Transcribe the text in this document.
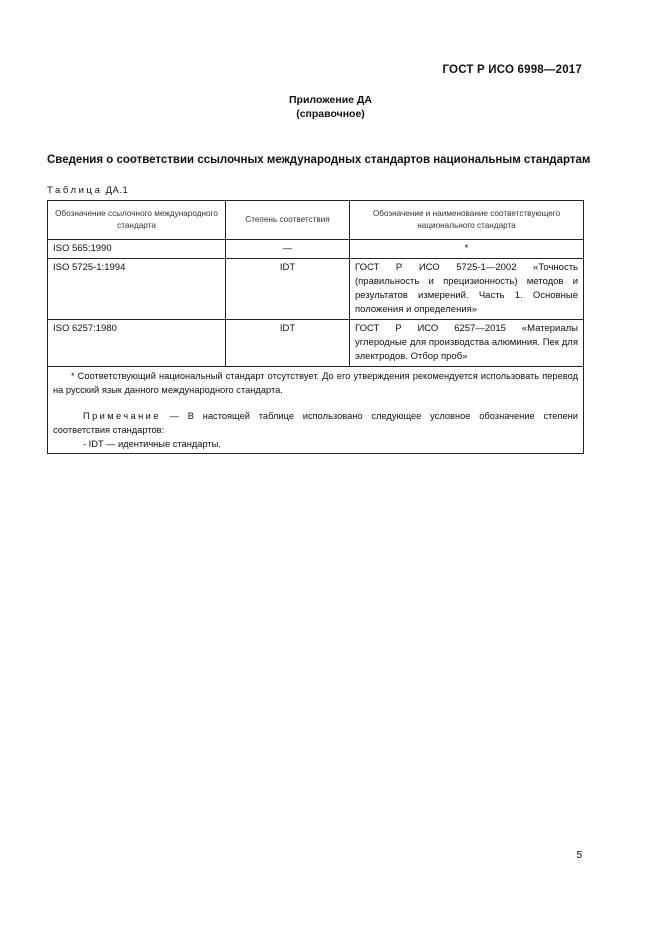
ГОСТ Р ИСО 6998—2017
Приложение ДА
(справочное)
Сведения о соответствии ссылочных международных стандартов национальным стандартам
Таблица ДА.1
Обозначение ссылочного международного стандарта	Степень соответствия	Обозначение и наименование соответствующего национального стандарта
ISO 565:1990	—	*
ISO 5725-1:1994	IDT	ГОСТ Р ИСО 5725-1—2002 «Точность (правильность и прецизионность) методов и результатов измерений. Часть 1. Основные положения и определения»
ISO 6257:1980	IDT	ГОСТ Р ИСО 6257—2015 «Материалы углеродные для производства алюминия. Пек для электродов. Отбор проб»

* Соответствующий национальный стандарт отсутствует. До его утверждения рекомендуется использовать перевод на русский язык данного международного стандарта.

Примечание — В настоящей таблице использовано следующее условное обозначение степени соответствия стандартов:

- IDT — идентичные стандарты.		

5
